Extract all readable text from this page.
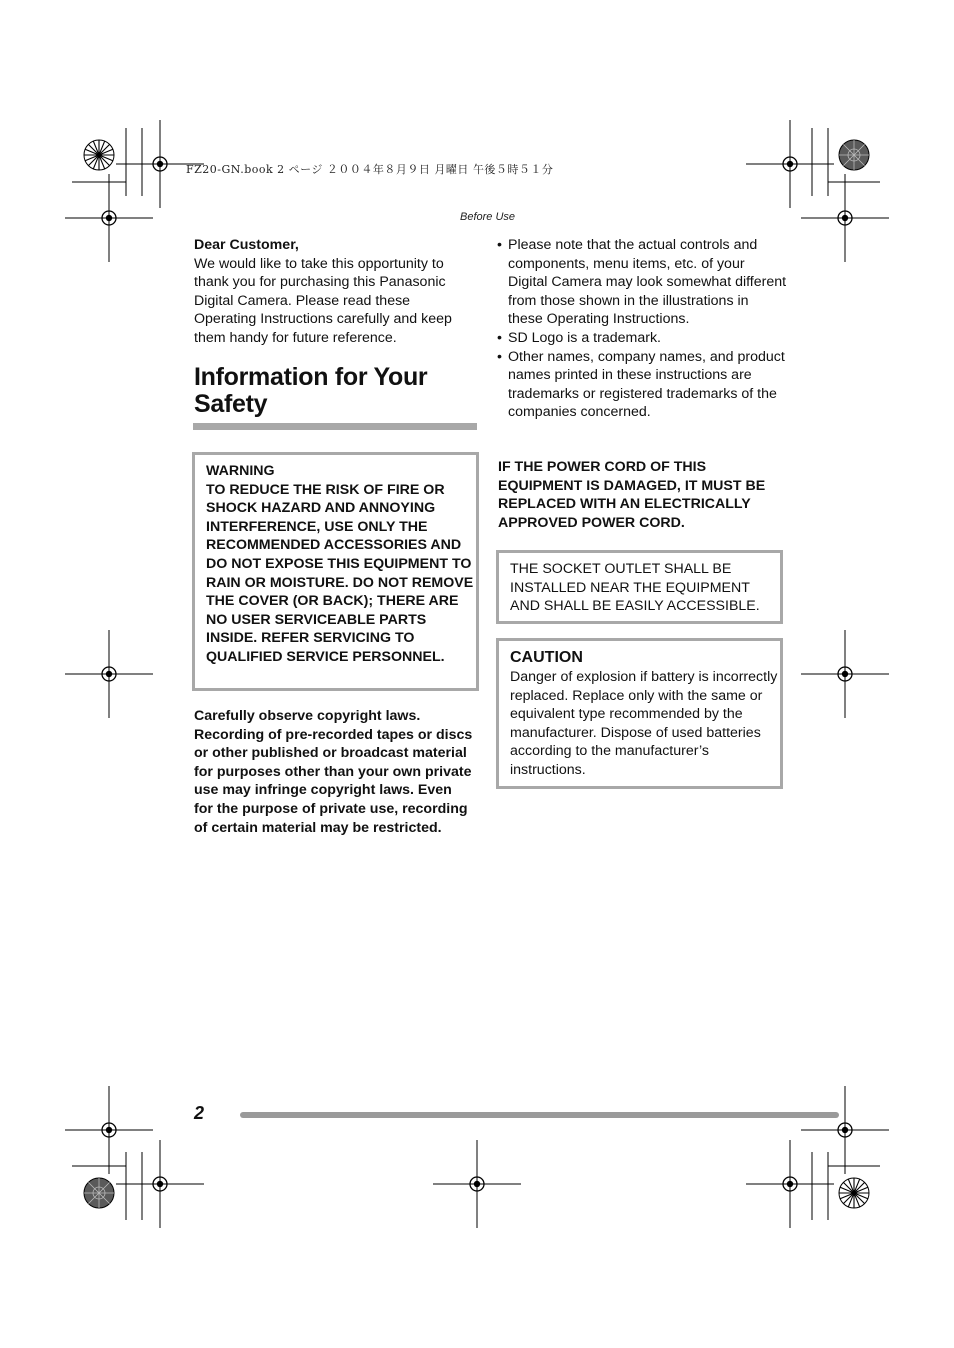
FZ20-GN.book 2 ページ ２００４年８月９日 月曜日 午後５時５１分
Before Use
Dear Customer,
We would like to take this opportunity to thank you for purchasing this Panasonic Digital Camera. Please read these Operating Instructions carefully and keep them handy for future reference.
Information for Your Safety
WARNING
TO REDUCE THE RISK OF FIRE OR SHOCK HAZARD AND ANNOYING INTERFERENCE, USE ONLY THE RECOMMENDED ACCESSORIES AND DO NOT EXPOSE THIS EQUIPMENT TO RAIN OR MOISTURE. DO NOT REMOVE THE COVER (OR BACK); THERE ARE NO USER SERVICEABLE PARTS INSIDE. REFER SERVICING TO QUALIFIED SERVICE PERSONNEL.
Carefully observe copyright laws. Recording of pre-recorded tapes or discs or other published or broadcast material for purposes other than your own private use may infringe copyright laws. Even for the purpose of private use, recording of certain material may be restricted.
• Please note that the actual controls and components, menu items, etc. of your Digital Camera may look somewhat different from those shown in the illustrations in these Operating Instructions.
• SD Logo is a trademark.
• Other names, company names, and product names printed in these instructions are trademarks or registered trademarks of the companies concerned.
IF THE POWER CORD OF THIS EQUIPMENT IS DAMAGED, IT MUST BE REPLACED WITH AN ELECTRICALLY APPROVED POWER CORD.
THE SOCKET OUTLET SHALL BE INSTALLED NEAR THE EQUIPMENT AND SHALL BE EASILY ACCESSIBLE.
CAUTION
Danger of explosion if battery is incorrectly replaced. Replace only with the same or equivalent type recommended by the manufacturer. Dispose of used batteries according to the manufacturer’s instructions.
2
